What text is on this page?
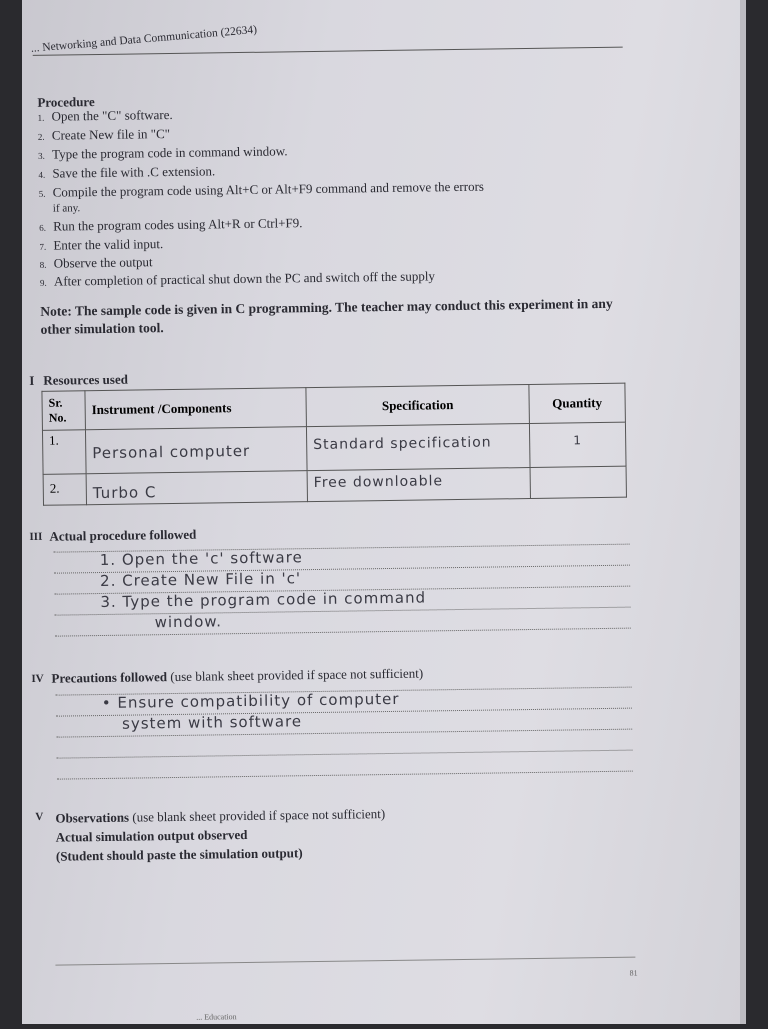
... Networking and Data Communication (22634)
Procedure
1. Open the "C" software.
2. Create New file in "C"
3. Type the program code in command window.
4. Save the file with .C extension.
5. Compile the program code using Alt+C or Alt+F9 command and remove the errors
if any.
6. Run the program codes using Alt+R or Ctrl+F9.
7. Enter the valid input.
8. Observe the output
9. After completion of practical shut down the PC and switch off the supply
Note: The sample code is given in C programming. The teacher may conduct this experiment in any other simulation tool.
I Resources used
Sr. No.	Instrument /Components	Specification	Quantity
1.	Personal computer	Standard specification	1
2.	Turbo C	Free downloable	
III Actual procedure followed
1. Open the 'c' software
2. Create New File in 'c'
3. Type the program code in command
window.
IV Precautions followed (use blank sheet provided if space not sufficient)
• Ensure compatibility of computer
system with software
V Observations (use blank sheet provided if space not sufficient)
Actual simulation output observed
(Student should paste the simulation output)
81
... Education
